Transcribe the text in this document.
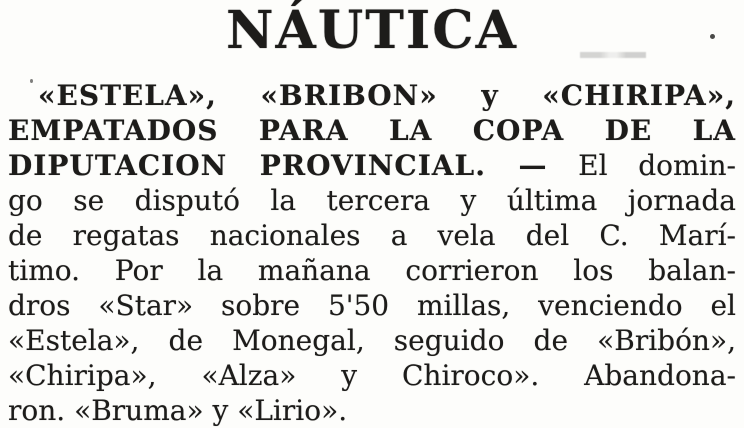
NÁUTICA
«ESTELA», «BRIBON» y «CHIRIPA»,
EMPATADOS PARA LA COPA DE LA
DIPUTACION PROVINCIAL. — El domin-
go se disputó la tercera y última jornada
de regatas nacionales a vela del C. Marí-
timo. Por la mañana corrieron los balan-
dros «Star» sobre 5'50 millas, venciendo el
«Estela», de Monegal, seguido de «Bribón»,
«Chiripa», «Alza» y Chiroco». Abandona-
ron. «Bruma» y «Lirio».
